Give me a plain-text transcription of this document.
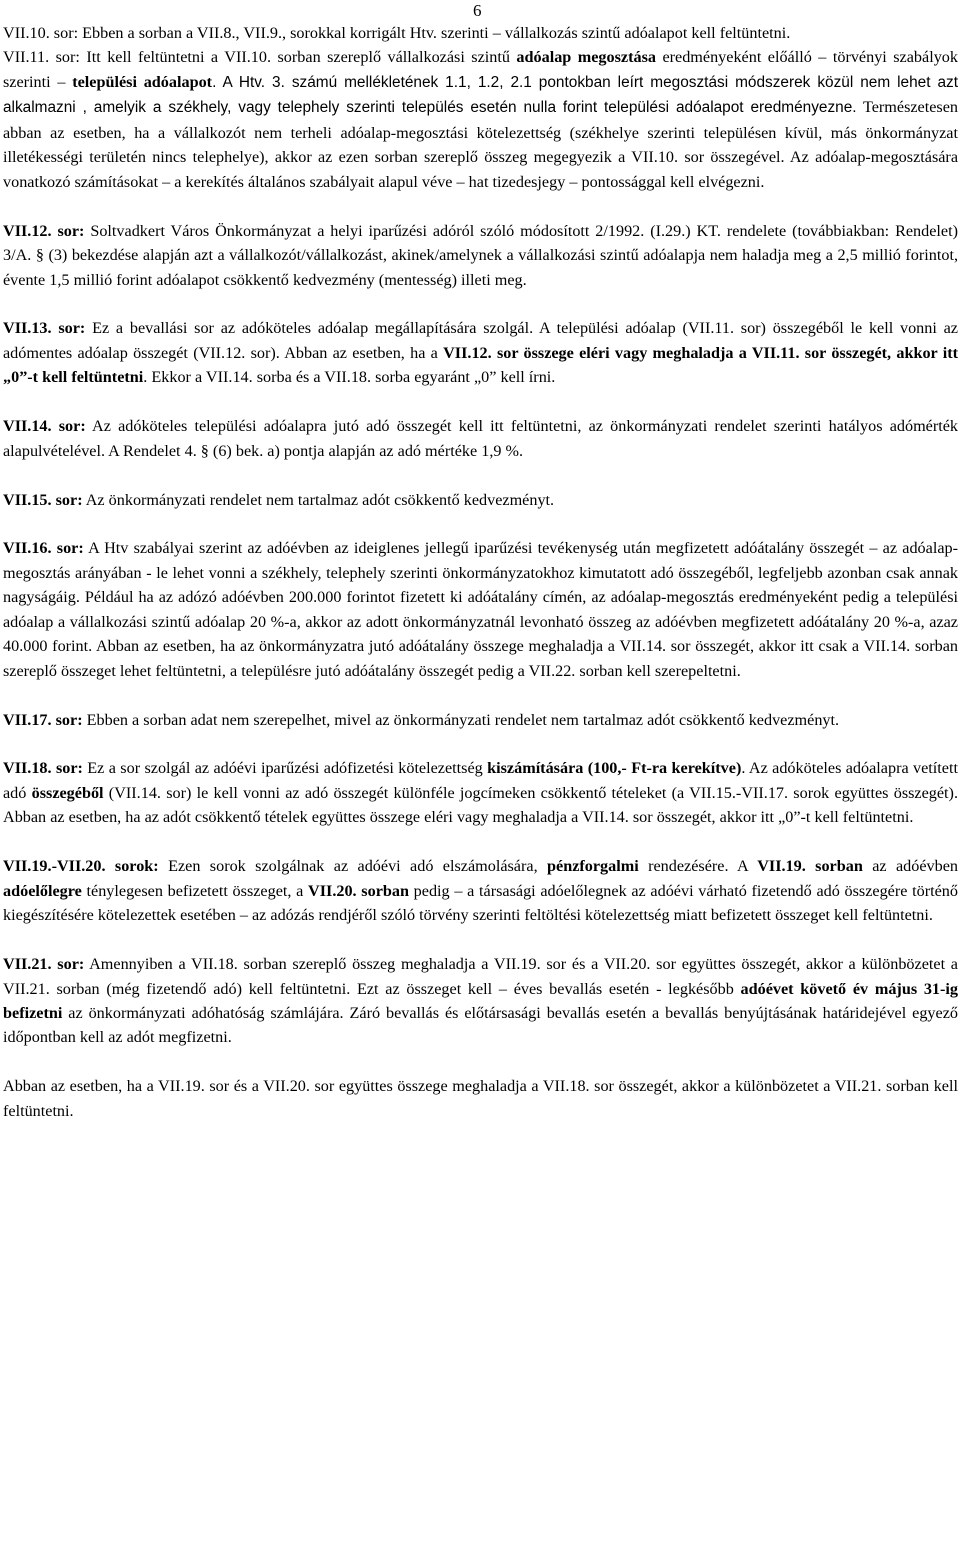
6

VII.10. sor: Ebben a sorban a VII.8., VII.9., sorokkal korrigált Htv. szerinti – vállalkozás szintű adóalapot kell feltüntetni.

VII.11. sor: Itt kell feltüntetni a VII.10. sorban szereplő vállalkozási szintű adóalap megosztása eredményeként előálló – törvényi szabályok szerinti – települési adóalapot. A Htv. 3. számú mellékletének 1.1, 1.2, 2.1 pontokban leírt megosztási módszerek közül nem lehet azt alkalmazni , amelyik a székhely, vagy telephely szerinti település esetén nulla forint települési adóalapot eredményezne. Természetesen abban az esetben, ha a vállalkozót nem terheli adóalap-megosztási kötelezettség (székhelye szerinti településen kívül, más önkormányzat illetékességi területén nincs telephelye), akkor az ezen sorban szereplő összeg megegyezik a VII.10. sor összegével. Az adóalap-megosztására vonatkozó számításokat – a kerekítés általános szabályait alapul véve – hat tizedesjegy – pontossággal kell elvégezni.

VII.12. sor: Soltvadkert Város Önkormányzat a helyi iparűzési adóról szóló módosított 2/1992. (I.29.) KT. rendelete (továbbiakban: Rendelet) 3/A. § (3) bekezdése alapján azt a vállalkozót/vállalkozást, akinek/amelynek a vállalkozási szintű adóalapja nem haladja meg a 2,5 millió forintot, évente 1,5 millió forint adóalapot csökkentő kedvezmény (mentesség) illeti meg.

VII.13. sor: Ez a bevallási sor az adóköteles adóalap megállapítására szolgál. A települési adóalap (VII.11. sor) összegéből le kell vonni az adómentes adóalap összegét (VII.12. sor). Abban az esetben, ha a VII.12. sor összege eléri vagy meghaladja a VII.11. sor összegét, akkor itt „0”-t kell feltüntetni. Ekkor a VII.14. sorba és a VII.18. sorba egyaránt „0” kell írni.

VII.14. sor: Az adóköteles települési adóalapra jutó adó összegét kell itt feltüntetni, az önkormányzati rendelet szerinti hatályos adómérték alapulvételével. A Rendelet 4. § (6) bek. a) pontja alapján az adó mértéke 1,9 %.

VII.15. sor: Az önkormányzati rendelet nem tartalmaz adót csökkentő kedvezményt.

VII.16. sor: A Htv szabályai szerint az adóévben az ideiglenes jellegű iparűzési tevékenység után megfizetett adóátalány összegét – az adóalap-megosztás arányában - le lehet vonni a székhely, telephely szerinti önkormányzatokhoz kimutatott adó összegéből, legfeljebb azonban csak annak nagyságáig. Például ha az adózó adóévben 200.000 forintot fizetett ki adóátalány címén, az adóalap-megosztás eredményeként pedig a települési adóalap a vállalkozási szintű adóalap 20 %-a, akkor az adott önkormányzatnál levonható összeg az adóévben megfizetett adóátalány 20 %-a, azaz 40.000 forint. Abban az esetben, ha az önkormányzatra jutó adóátalány összege meghaladja a VII.14. sor összegét, akkor itt csak a VII.14. sorban szereplő összeget lehet feltüntetni, a településre jutó adóátalány összegét pedig a VII.22. sorban kell szerepeltetni.

VII.17. sor: Ebben a sorban adat nem szerepelhet, mivel az önkormányzati rendelet nem tartalmaz adót csökkentő kedvezményt.

VII.18. sor: Ez a sor szolgál az adóévi iparűzési adófizetési kötelezettség kiszámítására (100,- Ft-ra kerekítve). Az adóköteles adóalapra vetített adó összegéből (VII.14. sor) le kell vonni az adó összegét különféle jogcímeken csökkentő tételeket (a VII.15.-VII.17. sorok együttes összegét). Abban az esetben, ha az adót csökkentő tételek együttes összege eléri vagy meghaladja a VII.14. sor összegét, akkor itt „0”-t kell feltüntetni.

VII.19.-VII.20. sorok: Ezen sorok szolgálnak az adóévi adó elszámolására, pénzforgalmi rendezésére. A VII.19. sorban az adóévben adóelőlegre ténylegesen befizetett összeget, a VII.20. sorban pedig – a társasági adóelőlegnek az adóévi várható fizetendő adó összegére történő kiegészítésére kötelezettek esetében – az adózás rendjéről szóló törvény szerinti feltöltési kötelezettség miatt befizetett összeget kell feltüntetni.

VII.21. sor: Amennyiben a VII.18. sorban szereplő összeg meghaladja a VII.19. sor és a VII.20. sor együttes összegét, akkor a különbözetet a VII.21. sorban (még fizetendő adó) kell feltüntetni. Ezt az összeget kell – éves bevallás esetén - legkésőbb adóévet követő év május 31-ig befizetni az önkormányzati adóhatóság számlájára. Záró bevallás és előtársasági bevallás esetén a bevallás benyújtásának határidejével egyező időpontban kell az adót megfizetni.

Abban az esetben, ha a VII.19. sor és a VII.20. sor együttes összege meghaladja a VII.18. sor összegét, akkor a különbözetet a VII.21. sorban kell feltüntetni.
